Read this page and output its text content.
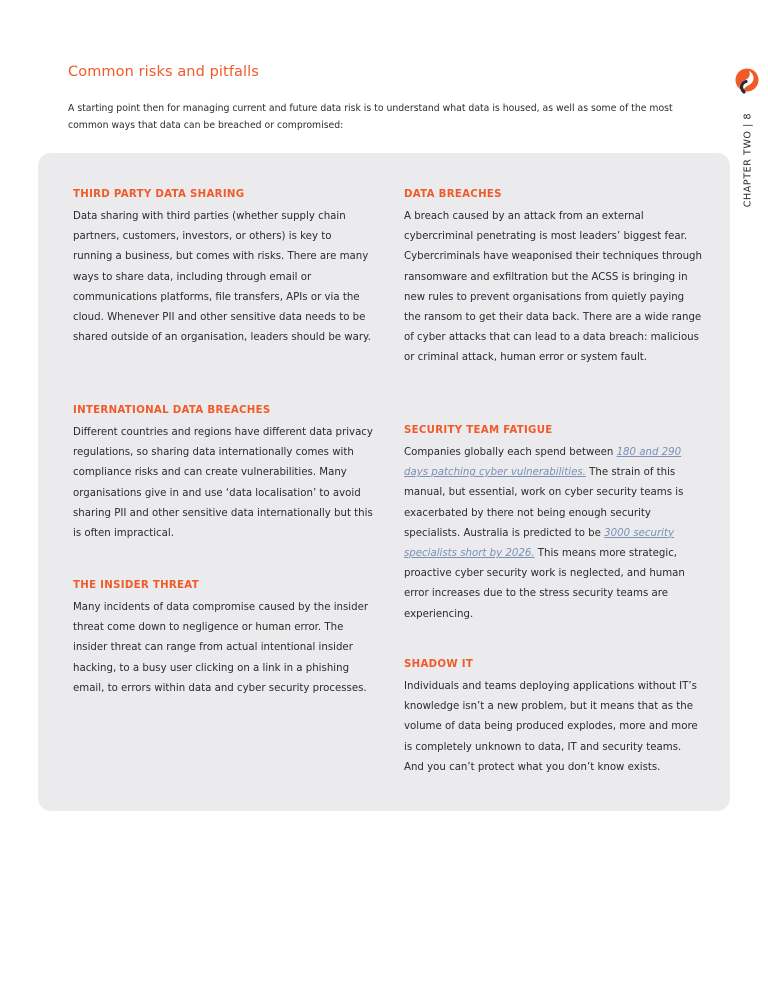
Common risks and pitfalls
A starting point then for managing current and future data risk is to understand what data is housed, as well as some of the most common ways that data can be breached or compromised:	CHAPTER TWO | 8
THIRD PARTY DATA SHARING

Data sharing with third parties (whether supply chain partners, customers, investors, or others) is key to running a business, but comes with risks. There are many ways to share data, including through email or communications platforms, file transfers, APIs or via the cloud. Whenever PII and other sensitive data needs to be shared outside of an organisation, leaders should be wary.

INTERNATIONAL DATA BREACHES

Different countries and regions have different data privacy regulations, so sharing data internationally comes with compliance risks and can create vulnerabilities. Many organisations give in and use ‘data localisation’ to avoid sharing PII and other sensitive data internationally but this is often impractical.

THE INSIDER THREAT

Many incidents of data compromise caused by the insider threat come down to negligence or human error. The insider threat can range from actual intentional insider hacking, to a busy user clicking on a link in a phishing email, to errors within data and cyber security processes.

DATA BREACHES

A breach caused by an attack from an external cybercriminal penetrating is most leaders’ biggest fear. Cybercriminals have weaponised their techniques through ransomware and exfiltration but the ACSS is bringing in new rules to prevent organisations from quietly paying the ransom to get their data back. There are a wide range of cyber attacks that can lead to a data breach: malicious or criminal attack, human error or system fault.

SECURITY TEAM FATIGUE

Companies globally each spend between 180 and 290 days patching cyber vulnerabilities. The strain of this manual, but essential, work on cyber security teams is exacerbated by there not being enough security specialists. Australia is predicted to be 3000 security specialists short by 2026. This means more strategic, proactive cyber security work is neglected, and human error increases due to the stress security teams are experiencing.

SHADOW IT

Individuals and teams deploying applications without IT’s knowledge isn’t a new problem, but it means that as the volume of data being produced explodes, more and more is completely unknown to data, IT and security teams. And you can’t protect what you don’t know exists.
